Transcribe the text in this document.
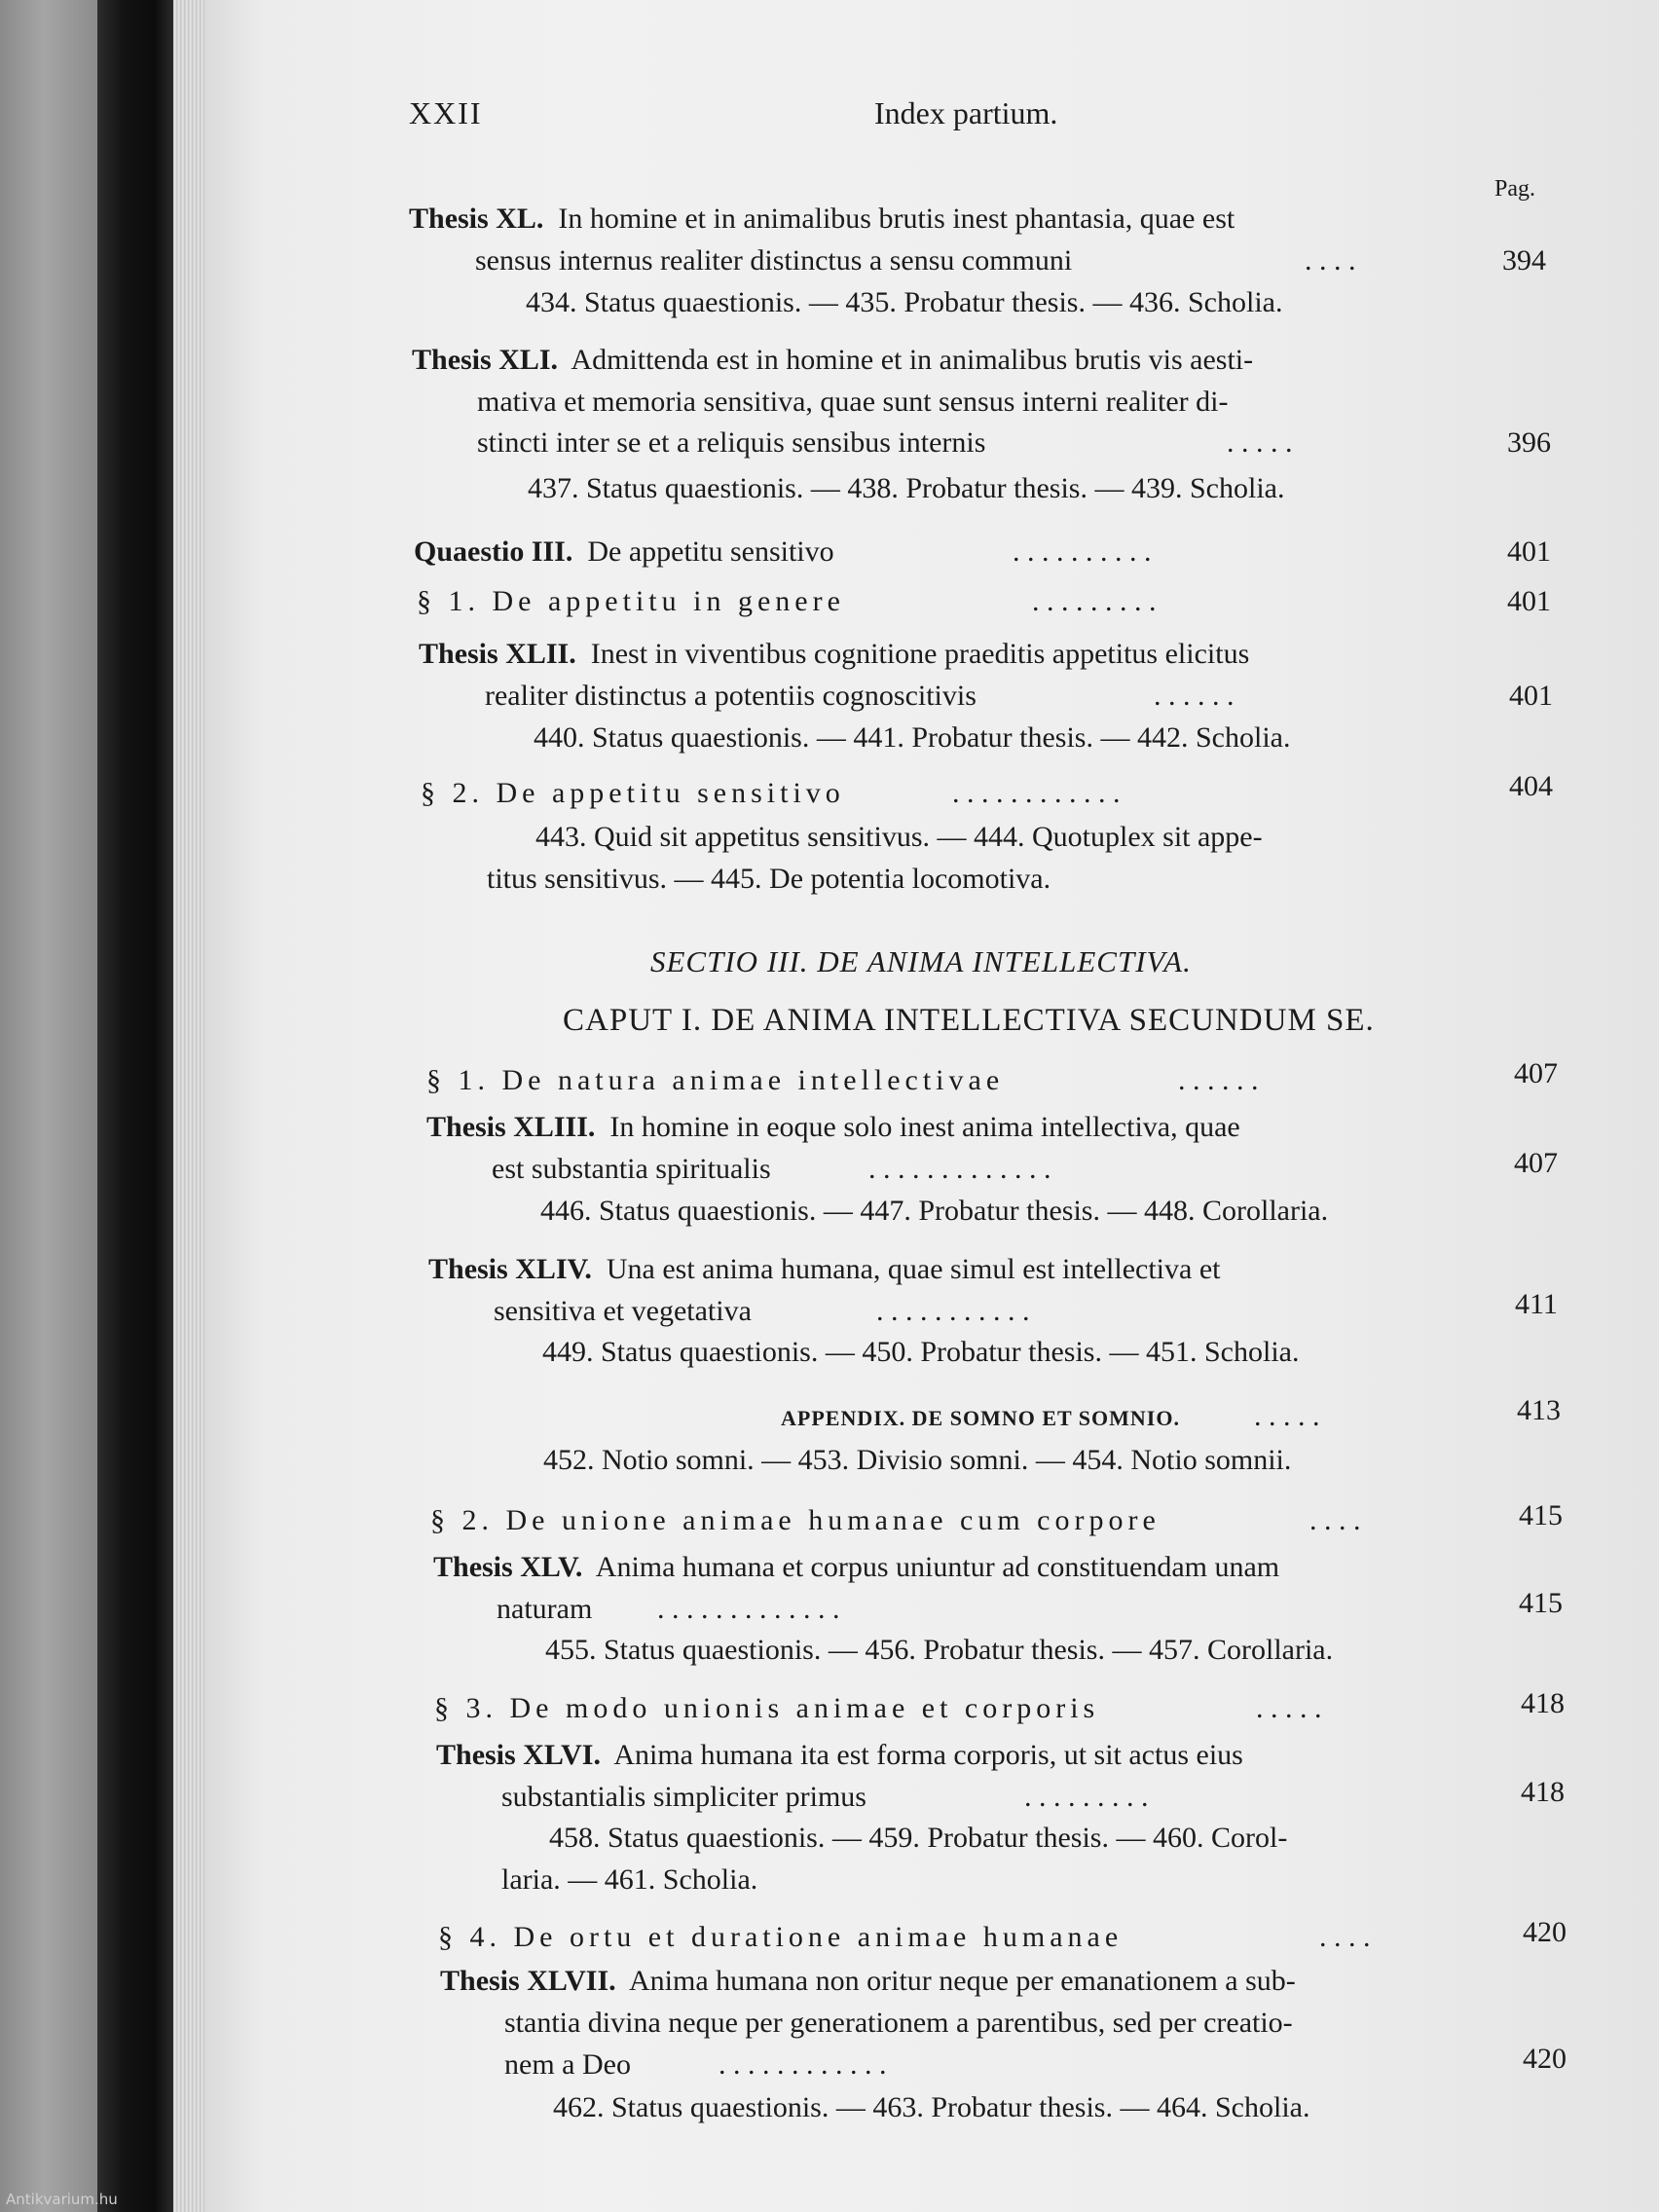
XXII	Index partium.
Pag.
Thesis XL. In homine et in animalibus brutis inest phantasia, quae est
sensus internus realiter distinctus a sensu communi	. . . .	394
434. Status quaestionis. — 435. Probatur thesis. — 436. Scholia.
Thesis XLI. Admittenda est in homine et in animalibus brutis vis aesti-
mativa et memoria sensitiva, quae sunt sensus interni realiter di-
stincti inter se et a reliquis sensibus internis	. . . . .	396
437. Status quaestionis. — 438. Probatur thesis. — 439. Scholia.
Quaestio III. De appetitu sensitivo	. . . . . . . . . .	401
§ 1. De appetitu in genere	. . . . . . . . .	401
Thesis XLII. Inest in viventibus cognitione praeditis appetitus elicitus
realiter distinctus a potentiis cognoscitivis	. . . . . .	401
440. Status quaestionis. — 441. Probatur thesis. — 442. Scholia.
§ 2. De appetitu sensitivo	. . . . . . . . . . . .	404
443. Quid sit appetitus sensitivus. — 444. Quotuplex sit appe-
titus sensitivus. — 445. De potentia locomotiva.
SECTIO III. DE ANIMA INTELLECTIVA.
CAPUT I. DE ANIMA INTELLECTIVA SECUNDUM SE.
§ 1. De natura animae intellectivae	. . . . . .	407
Thesis XLIII. In homine in eoque solo inest anima intellectiva, quae
est substantia spiritualis	. . . . . . . . . . . . .	407
446. Status quaestionis. — 447. Probatur thesis. — 448. Corollaria.
Thesis XLIV. Una est anima humana, quae simul est intellectiva et
sensitiva et vegetativa	. . . . . . . . . . .	411
449. Status quaestionis. — 450. Probatur thesis. — 451. Scholia.
APPENDIX. DE SOMNO ET SOMNIO.	. . . . .	413
452. Notio somni. — 453. Divisio somni. — 454. Notio somnii.
§ 2. De unione animae humanae cum corpore	. . . .	415
Thesis XLV. Anima humana et corpus uniuntur ad constituendam unam
naturam . . . . . . . . . . . . .	415
455. Status quaestionis. — 456. Probatur thesis. — 457. Corollaria.
§ 3. De modo unionis animae et corporis	. . . . .	418
Thesis XLVI. Anima humana ita est forma corporis, ut sit actus eius
substantialis simpliciter primus	. . . . . . . . .	418
458. Status quaestionis. — 459. Probatur thesis. — 460. Corol-
laria. — 461. Scholia.
§ 4. De ortu et duratione animae humanae	. . . .	420
Thesis XLVII. Anima humana non oritur neque per emanationem a sub-
stantia divina neque per generationem a parentibus, sed per creatio-
nem a Deo	. . . . . . . . . . . .	420
462. Status quaestionis. — 463. Probatur thesis. — 464. Scholia.
Antikvarium.hu
